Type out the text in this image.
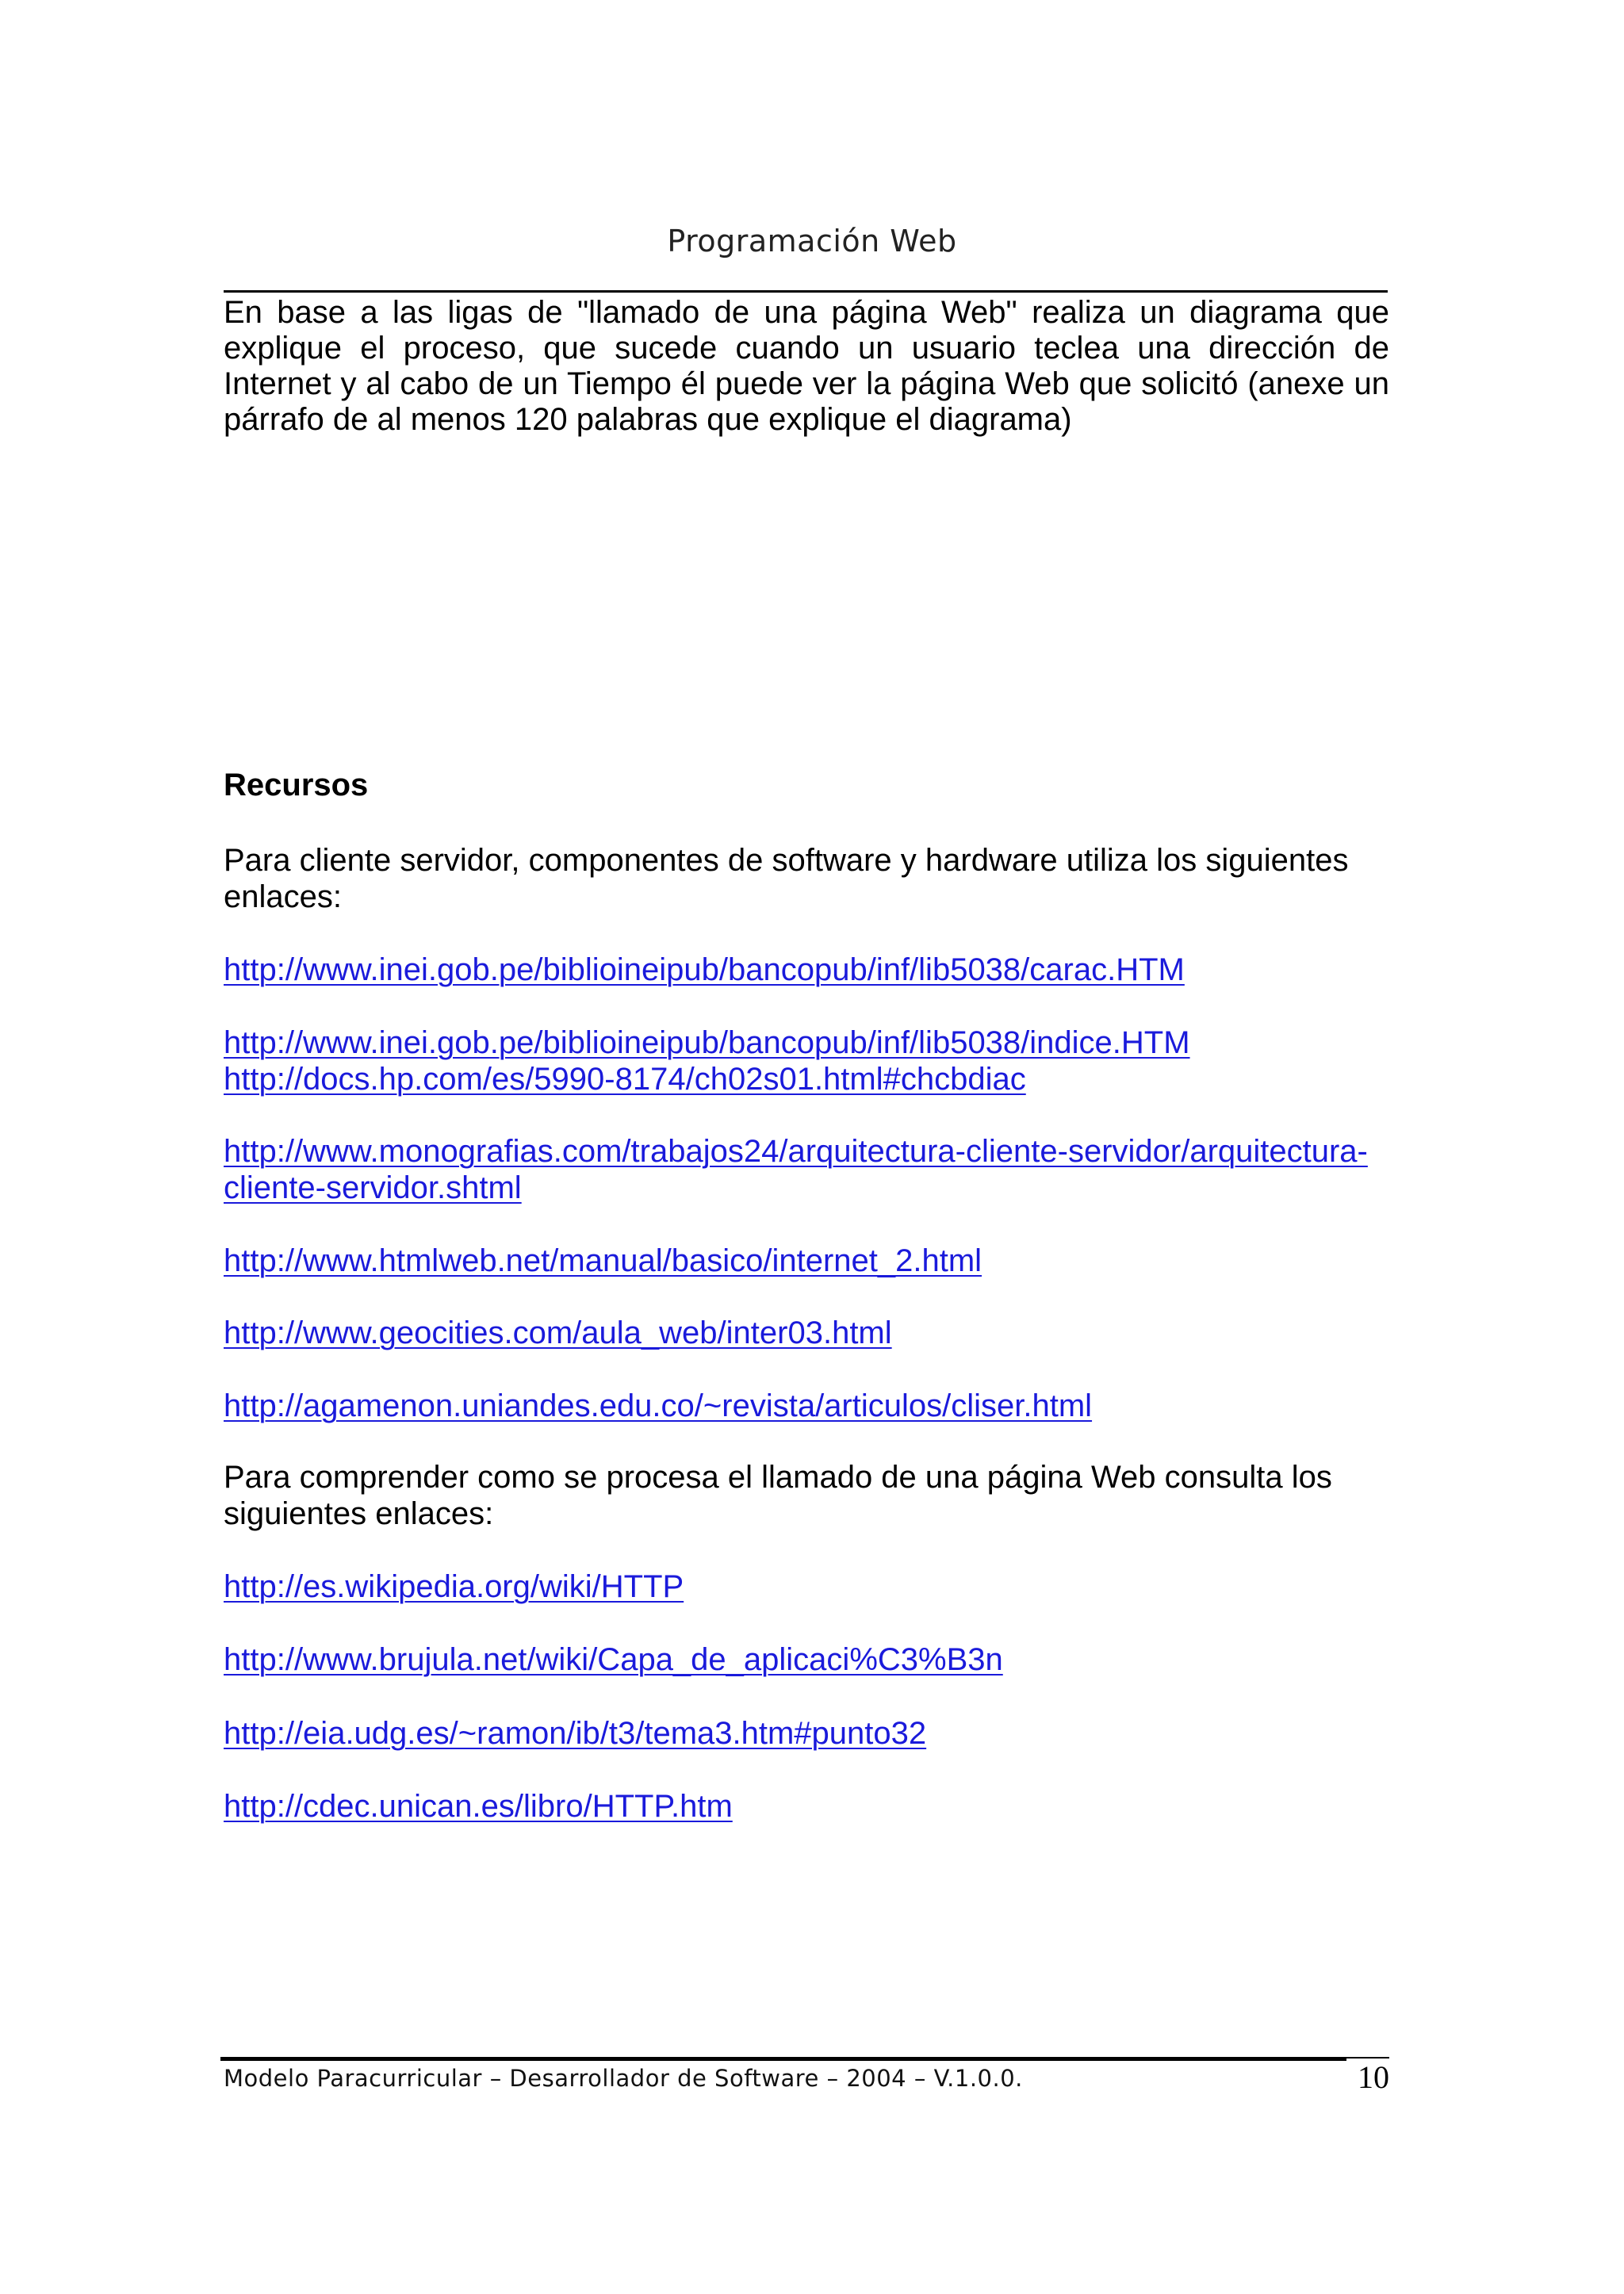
Programación Web
En base a las ligas de "llamado de una página Web" realiza un diagrama que explique el proceso, que sucede cuando un usuario teclea una dirección de Internet y al cabo de un Tiempo él puede ver la página Web que solicitó (anexe un párrafo de al menos 120 palabras que explique el diagrama)
Recursos
Para cliente servidor, componentes de software y hardware utiliza los siguientes enlaces:
http://www.inei.gob.pe/biblioineipub/bancopub/inf/lib5038/carac.HTM
http://www.inei.gob.pe/biblioineipub/bancopub/inf/lib5038/indice.HTM
http://docs.hp.com/es/5990-8174/ch02s01.html#chcbdiac
http://www.monografias.com/trabajos24/arquitectura-cliente-servidor/arquitectura-
cliente-servidor.shtml
http://www.htmlweb.net/manual/basico/internet_2.html
http://www.geocities.com/aula_web/inter03.html
http://agamenon.uniandes.edu.co/~revista/articulos/cliser.html
Para comprender como se procesa el llamado de una página Web consulta los siguientes enlaces:
http://es.wikipedia.org/wiki/HTTP
http://www.brujula.net/wiki/Capa_de_aplicaci%C3%B3n
http://eia.udg.es/~ramon/ib/t3/tema3.htm#punto32
http://cdec.unican.es/libro/HTTP.htm
Modelo Paracurricular – Desarrollador de Software – 2004 – V.1.0.0.	10
